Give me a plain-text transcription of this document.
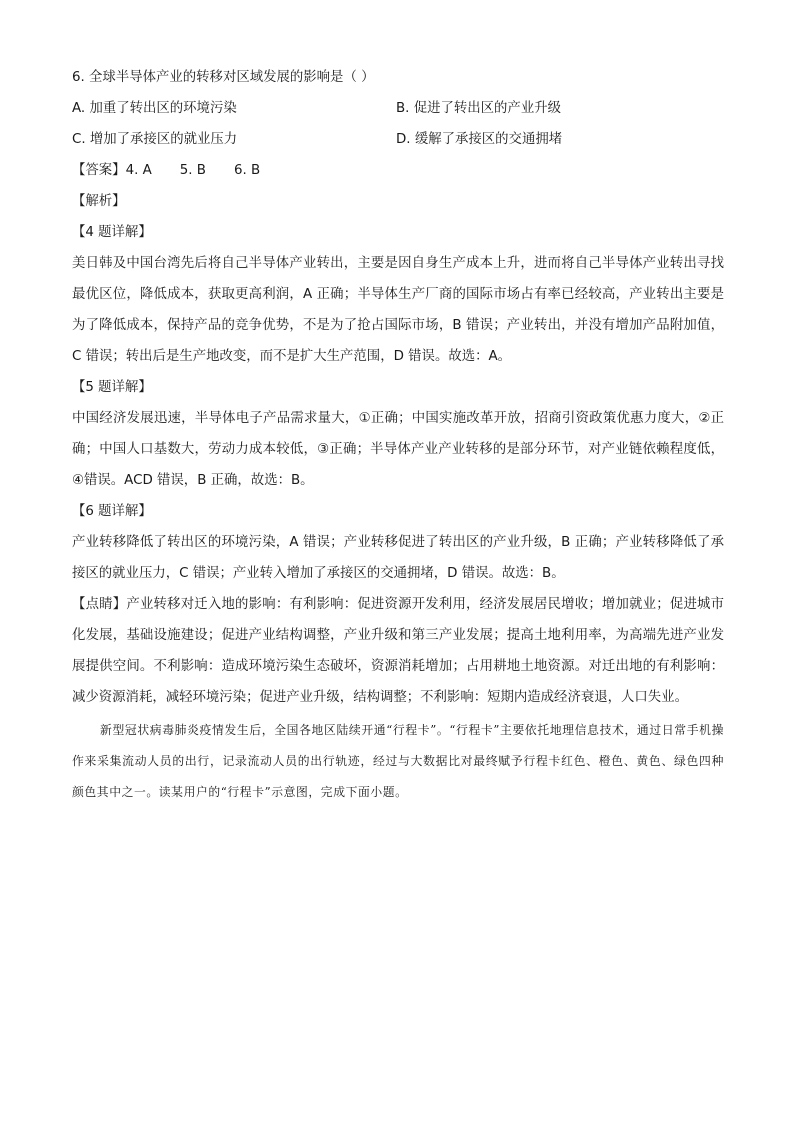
6. 全球半导体产业的转移对区域发展的影响是（ ）
A. 加重了转出区的环境污染	B. 促进了转出区的产业升级
C. 增加了承接区的就业压力	D. 缓解了承接区的交通拥堵
【答案】4. A 5. B 6. B
【解析】
【4 题详解】
美日韩及中国台湾先后将自己半导体产业转出，主要是因自身生产成本上升，进而将自己半导体产业转出寻找最优区位，降低成本，获取更高利润，A 正确；半导体生产厂商的国际市场占有率已经较高，产业转出主要是为了降低成本，保持产品的竞争优势，不是为了抢占国际市场，B 错误；产业转出，并没有增加产品附加值，C 错误；转出后是生产地改变，而不是扩大生产范围，D 错误。故选：A。
【5 题详解】
中国经济发展迅速，半导体电子产品需求量大，①正确；中国实施改革开放，招商引资政策优惠力度大，②正确；中国人口基数大，劳动力成本较低，③正确；半导体产业产业转移的是部分环节，对产业链依赖程度低，④错误。ACD 错误，B 正确，故选：B。
【6 题详解】
产业转移降低了转出区的环境污染，A 错误；产业转移促进了转出区的产业升级，B 正确；产业转移降低了承接区的就业压力，C 错误；产业转入增加了承接区的交通拥堵，D 错误。故选：B。
【点睛】产业转移对迁入地的影响：有利影响：促进资源开发利用，经济发展居民增收；增加就业；促进城市化发展，基础设施建设；促进产业结构调整，产业升级和第三产业发展；提高土地利用率，为高端先进产业发展提供空间。不利影响：造成环境污染生态破坏，资源消耗增加；占用耕地土地资源。对迁出地的有利影响：减少资源消耗，减轻环境污染；促进产业升级，结构调整；不利影响：短期内造成经济衰退，人口失业。
新型冠状病毒肺炎疫情发生后，全国各地区陆续开通“行程卡”。“行程卡”主要依托地理信息技术，通过日常手机操作来采集流动人员的出行，记录流动人员的出行轨迹，经过与大数据比对最终赋予行程卡红色、橙色、黄色、绿色四种颜色其中之一。读某用户的“行程卡”示意图，完成下面小题。
